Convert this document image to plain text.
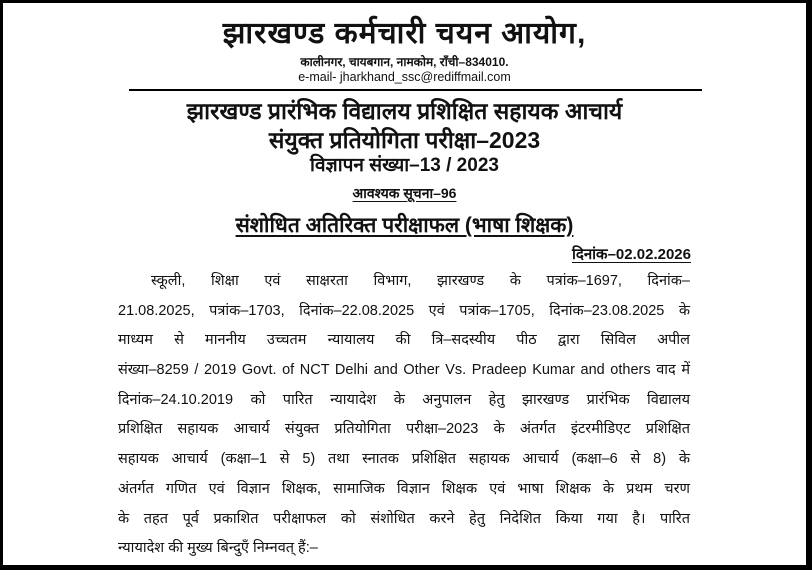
झारखण्ड कर्मचारी चयन आयोग,
कालीनगर, चायबगान, नामकोम, राँची–834010.
e-mail- jharkhand_ssc@rediffmail.com
झारखण्ड प्रारंभिक विद्यालय प्रशिक्षित सहायक आचार्य
संयुक्त प्रतियोगिता परीक्षा–2023
विज्ञापन संख्या–13 / 2023
आवश्यक सूचना–96
संशोधित अतिरिक्त परीक्षाफल (भाषा शिक्षक)
दिनांक–02.02.2026
स्कूली, शिक्षा एवं साक्षरता विभाग, झारखण्ड के पत्रांक–1697, दिनांक–
21.08.2025, पत्रांक–1703, दिनांक–22.08.2025 एवं पत्रांक–1705, दिनांक–23.08.2025 के
माध्यम से माननीय उच्चतम न्यायालय की त्रि–सदस्यीय पीठ द्वारा सिविल अपील
संख्या–8259 / 2019 Govt. of NCT Delhi and Other Vs. Pradeep Kumar and others वाद में
दिनांक–24.10.2019 को पारित न्यायादेश के अनुपालन हेतु झारखण्ड प्रारंभिक विद्यालय
प्रशिक्षित सहायक आचार्य संयुक्त प्रतियोगिता परीक्षा–2023 के अंतर्गत इंटरमीडिएट प्रशिक्षित
सहायक आचार्य (कक्षा–1 से 5) तथा स्नातक प्रशिक्षित सहायक आचार्य (कक्षा–6 से 8) के
अंतर्गत गणित एवं विज्ञान शिक्षक, सामाजिक विज्ञान शिक्षक एवं भाषा शिक्षक के प्रथम चरण
के तहत पूर्व प्रकाशित परीक्षाफल को संशोधित करने हेतु निदेशित किया गया है। पारित
न्यायादेश की मुख्य बिन्दुएँ निम्नवत् हैं:–
